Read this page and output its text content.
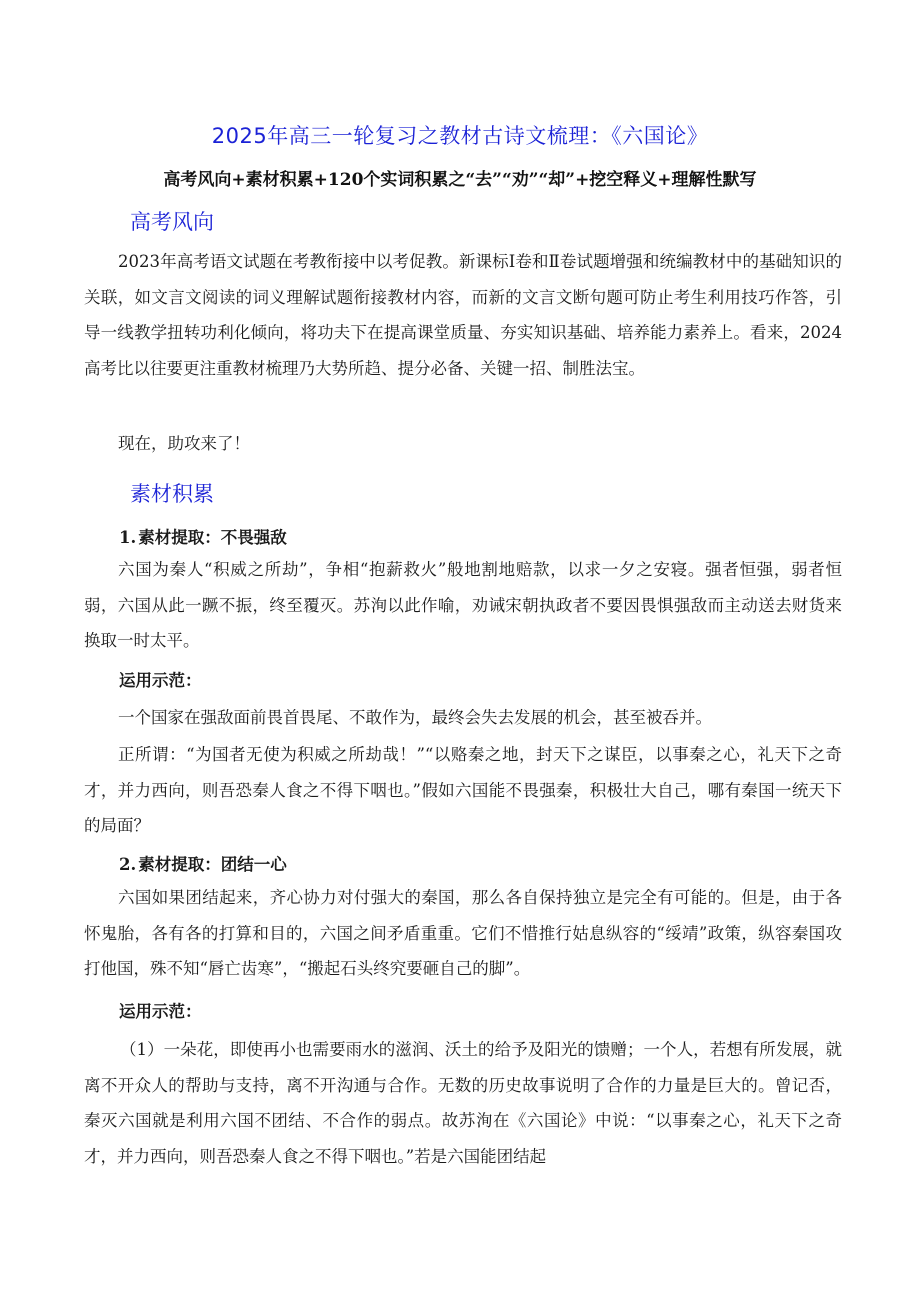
2025年高三一轮复习之教材古诗文梳理：《六国论》

高考风向+素材积累+120个实词积累之“去”“劝”“却”+挖空释义+理解性默写

高考风向

2023年高考语文试题在考教衔接中以考促教。新课标Ⅰ卷和Ⅱ卷试题增强和统编教材中的基础知识的关联，如文言文阅读的词义理解试题衔接教材内容，而新的文言文断句题可防止考生利用技巧作答，引导一线教学扭转功利化倾向，将功夫下在提高课堂质量、夯实知识基础、培养能力素养上。看来，2024高考比以往要更注重教材梳理乃大势所趋、提分必备、关键一招、制胜法宝。

现在，助攻来了！

素材积累

1. 素材提取：不畏强敌

六国为秦人“积威之所劫”，争相“抱薪救火”般地割地赔款，以求一夕之安寝。强者恒强，弱者恒弱，六国从此一蹶不振，终至覆灭。苏洵以此作喻，劝诫宋朝执政者不要因畏惧强敌而主动送去财货来换取一时太平。

运用示范：

一个国家在强敌面前畏首畏尾、不敢作为，最终会失去发展的机会，甚至被吞并。

正所谓：“为国者无使为积威之所劫哉！”“以赂秦之地，封天下之谋臣，以事秦之心，礼天下之奇才，并力西向，则吾恐秦人食之不得下咽也。”假如六国能不畏强秦，积极壮大自己，哪有秦国一统天下的局面？

2. 素材提取：团结一心

六国如果团结起来，齐心协力对付强大的秦国，那么各自保持独立是完全有可能的。但是，由于各怀鬼胎，各有各的打算和目的，六国之间矛盾重重。它们不惜推行姑息纵容的“绥靖”政策，纵容秦国攻打他国，殊不知“唇亡齿寒”，“搬起石头终究要砸自己的脚”。

运用示范：

（1）一朵花，即使再小也需要雨水的滋润、沃土的给予及阳光的馈赠；一个人，若想有所发展，就离不开众人的帮助与支持，离不开沟通与合作。无数的历史故事说明了合作的力量是巨大的。曾记否，秦灭六国就是利用六国不团结、不合作的弱点。故苏洵在《六国论》中说：“以事秦之心，礼天下之奇才，并力西向，则吾恐秦人食之不得下咽也。”若是六国能团结起
